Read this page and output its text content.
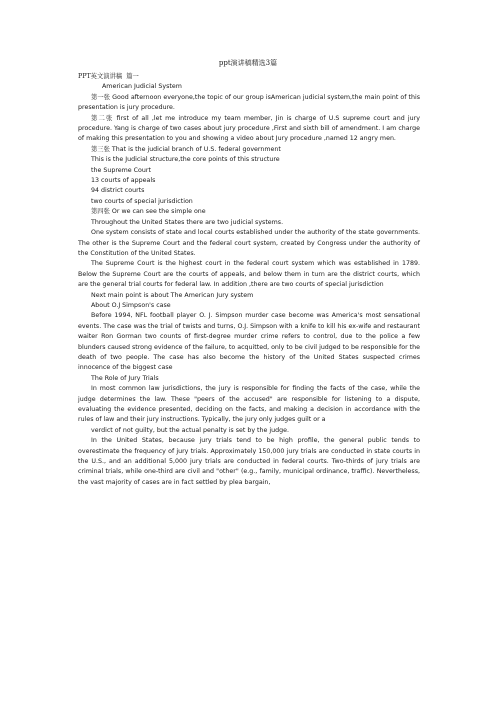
ppt演讲稿精选3篇

PPT英文演讲稿 篇一

American Judicial System

第一张 Good afternoon everyone,the topic of our group isAmerican judicial system,the main point of this presentation is jury procedure.

第二张 first of all ,let me introduce my team member, Jin is charge of U.S supreme court and jury procedure. Yang is charge of two cases about jury procedure ,First and sixth bill of amendment. I am charge of making this presentation to you and showing a video about Jury procedure ,named 12 angry men.

第三张 That is the judicial branch of U.S. federal government

This is the Judicial structure,the core points of this structure

the Supreme Court

13 courts of appeals

94 district courts

two courts of special jurisdiction

第四张 Or we can see the simple one

Throughout the United States there are two judicial systems.

One system consists of state and local courts established under the authority of the state governments. The other is the Supreme Court and the federal court system, created by Congress under the authority of the Constitution of the United States.

The Supreme Court is the highest court in the federal court system which was established in 1789. Below the Supreme Court are the courts of appeals, and below them in turn are the district courts, which are the general trial courts for federal law. In addition ,there are two courts of special jurisdiction

Next main point is about The American Jury system

About O.J Simpson's case

Before 1994, NFL football player O. J. Simpson murder case become was America's most sensational events. The case was the trial of twists and turns, O.J. Simpson with a knife to kill his ex-wife and restaurant waiter Ron Gorman two counts of first-degree murder crime refers to control, due to the police a few blunders caused strong evidence of the failure, to acquitted, only to be civil judged to be responsible for the death of two people. The case has also become the history of the United States suspected crimes innocence of the biggest case

The Role of Jury Trials

In most common law jurisdictions, the jury is responsible for finding the facts of the case, while the judge determines the law. These "peers of the accused" are responsible for listening to a dispute, evaluating the evidence presented, deciding on the facts, and making a decision in accordance with the rules of law and their jury instructions. Typically, the jury only judges guilt or a

verdict of not guilty, but the actual penalty is set by the judge.

In the United States, because jury trials tend to be high profile, the general public tends to overestimate the frequency of jury trials. Approximately 150,000 jury trials are conducted in state courts in the U.S., and an additional 5,000 jury trials are conducted in federal courts. Two-thirds of jury trials are criminal trials, while one-third are civil and "other" (e.g., family, municipal ordinance, traffic). Nevertheless, the vast majority of cases are in fact settled by plea bargain,
